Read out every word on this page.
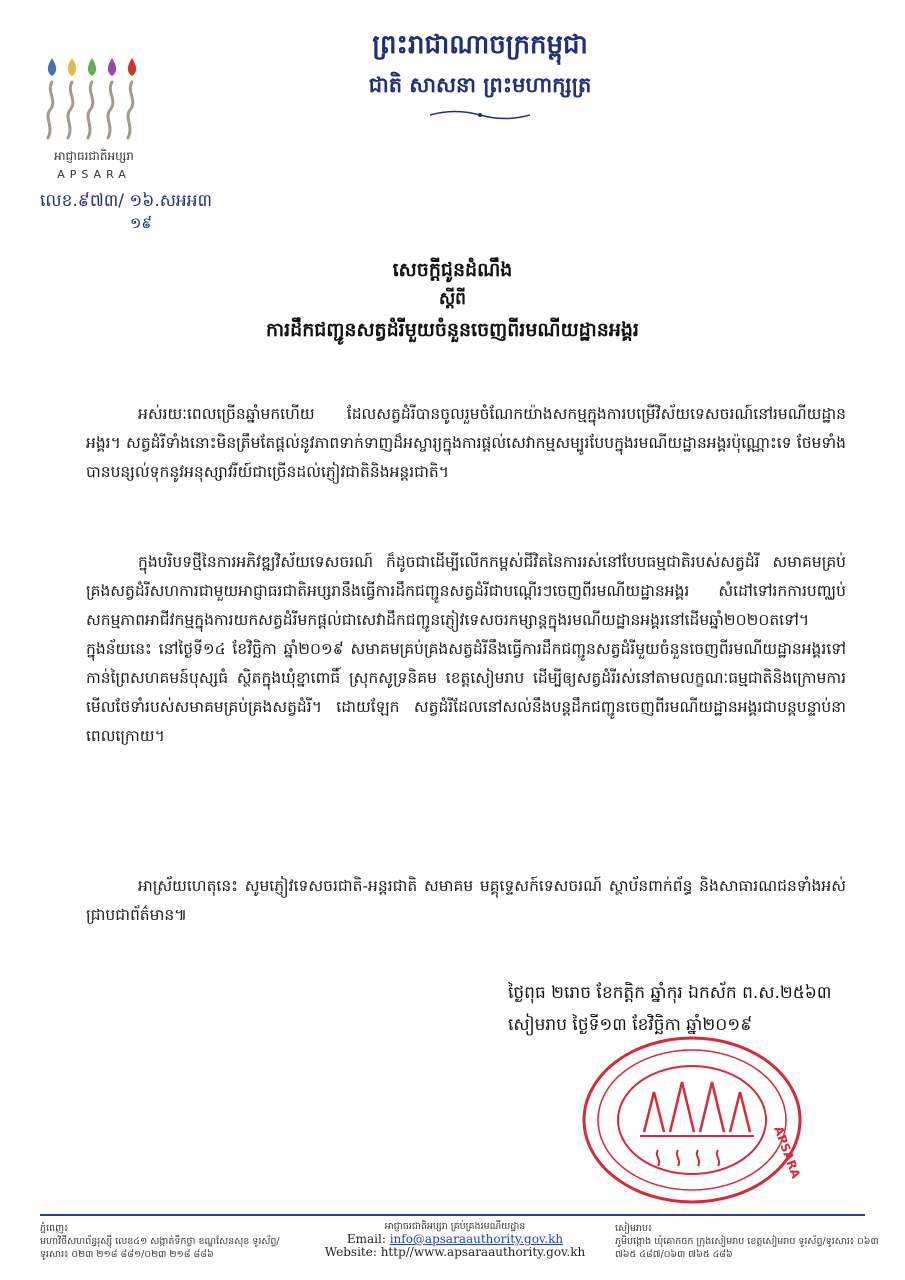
អាជ្ញាធរជាតិអប្សរា
APSARA
លេខ.៩៧៣/ ១៦.សអអ៣
១៩
ព្រះរាជាណាចក្រកម្ពុជា
ជាតិ សាសនា ព្រះមហាក្សត្រ
សេចក្តីជូនដំណឹង
ស្តីពី
ការដឹកជញ្ជូនសត្វដំរីមួយចំនួនចេញពីរមណីយដ្ឋានអង្គរ
អស់រយៈពេលច្រើនឆ្នាំមកហើយ ដែលសត្វដំរីបានចូលរួមចំណែកយ៉ាងសកម្មក្នុងការបម្រើវិស័យទេសចរណ៍នៅរមណីយដ្ឋានអង្គរ។ សត្វដំរីទាំងនោះមិនត្រឹមតែផ្តល់នូវភាពទាក់ទាញដ៏អស្ចារ្យក្នុងការផ្តល់សេវាកម្មសម្បូរបែបក្នុងរមណីយដ្ឋានអង្គរប៉ុណ្ណោះទេ ថែមទាំងបានបន្សល់ទុកនូវអនុស្សាវរីយ៍ជាច្រើនដល់ភ្ញៀវជាតិនិងអន្តរជាតិ។
ក្នុងបរិបទថ្មីនៃការអភិវឌ្ឍវិស័យទេសចរណ៍ ក៏ដូចជាដើម្បីលើកកម្ពស់ជីវិតនៃការរស់នៅបែបធម្មជាតិរបស់សត្វដំរី សមាគមគ្រប់គ្រងសត្វដំរីសហការជាមួយអាជ្ញាធរជាតិអប្សរានឹងធ្វើការដឹកជញ្ជូនសត្វដំរីជាបណ្តើរៗចេញពីរមណីយដ្ឋានអង្គរ សំដៅទៅរកការបញ្ឈប់សកម្មភាពអាជីវកម្មក្នុងការយកសត្វដំរីមកផ្តល់ជាសេវាដឹកជញ្ជូនភ្ញៀវទេសចរកម្សាន្តក្នុងរមណីយដ្ឋានអង្គរនៅដើមឆ្នាំ២០២០តទៅ។ ក្នុងន័យនេះ នៅថ្ងៃទី១៤ ខែវិច្ឆិកា ឆ្នាំ២០១៩ សមាគមគ្រប់គ្រងសត្វដំរីនឹងធ្វើការដឹកជញ្ជូនសត្វដំរីមួយចំនួនចេញពីរមណីយដ្ឋានអង្គរទៅកាន់ព្រៃសហគមន៍បុស្សធំ ស្ថិតក្នុងឃុំខ្នាពោធិ៍ ស្រុកសូទ្រនិគម ខេត្តសៀមរាប ដើម្បីឲ្យសត្វដំរីរស់នៅតាមលក្ខណៈធម្មជាតិនិងក្រោមការមើលថែទាំរបស់សមាគមគ្រប់គ្រងសត្វដំរី។ ដោយឡែក សត្វដំរីដែលនៅសល់នឹងបន្តដឹកជញ្ជូនចេញពីរមណីយដ្ឋានអង្គរជាបន្តបន្ទាប់នាពេលក្រោយ។
អាស្រ័យហេតុនេះ សូមភ្ញៀវទេសចរជាតិ-អន្តរជាតិ សមាគម មគ្គុទ្ទេសក៍ទេសចរណ៍ ស្ថាប័នពាក់ព័ន្ធ និងសាធារណជនទាំងអស់ជ្រាបជាព័ត៌មាន៕
ថ្ងៃពុធ ២រោច ខែកត្តិក ឆ្នាំកុរ ឯកស័ក ព.ស.២៥៦៣
សៀមរាប ថ្ងៃទី១៣ ខែវិច្ឆិកា ឆ្នាំ២០១៩
APSARA
ភ្នំពេញ៖
មហាវិថីសហព័ន្ធរុស្ស៊ី លេខ៤១ សង្កាត់ទឹកថ្លា ខណ្ឌសែនសុខ ទូរស័ព្ទ/ទូរសារ៖ ០២៣ ២១៨ ៨៨១/០២៣ ២១៨ ៨៨៦
អាជ្ញាធរជាតិអប្សរា គ្រប់គ្រងរមណីយដ្ឋាន
Email: info@apsaraauthority.gov.kh
Website: http//www.apsaraauthority.gov.kh
សៀមរាប៖
ភូមិបង្កោង ឃុំគោកចក ក្រុងសៀមរាប ខេត្តសៀមរាប ទូរស័ព្ទ/ទូរសារ៖ ០៦៣ ៧៦៥ ៤៨៧/០៦៣ ៧៦៥ ៤៨៦
